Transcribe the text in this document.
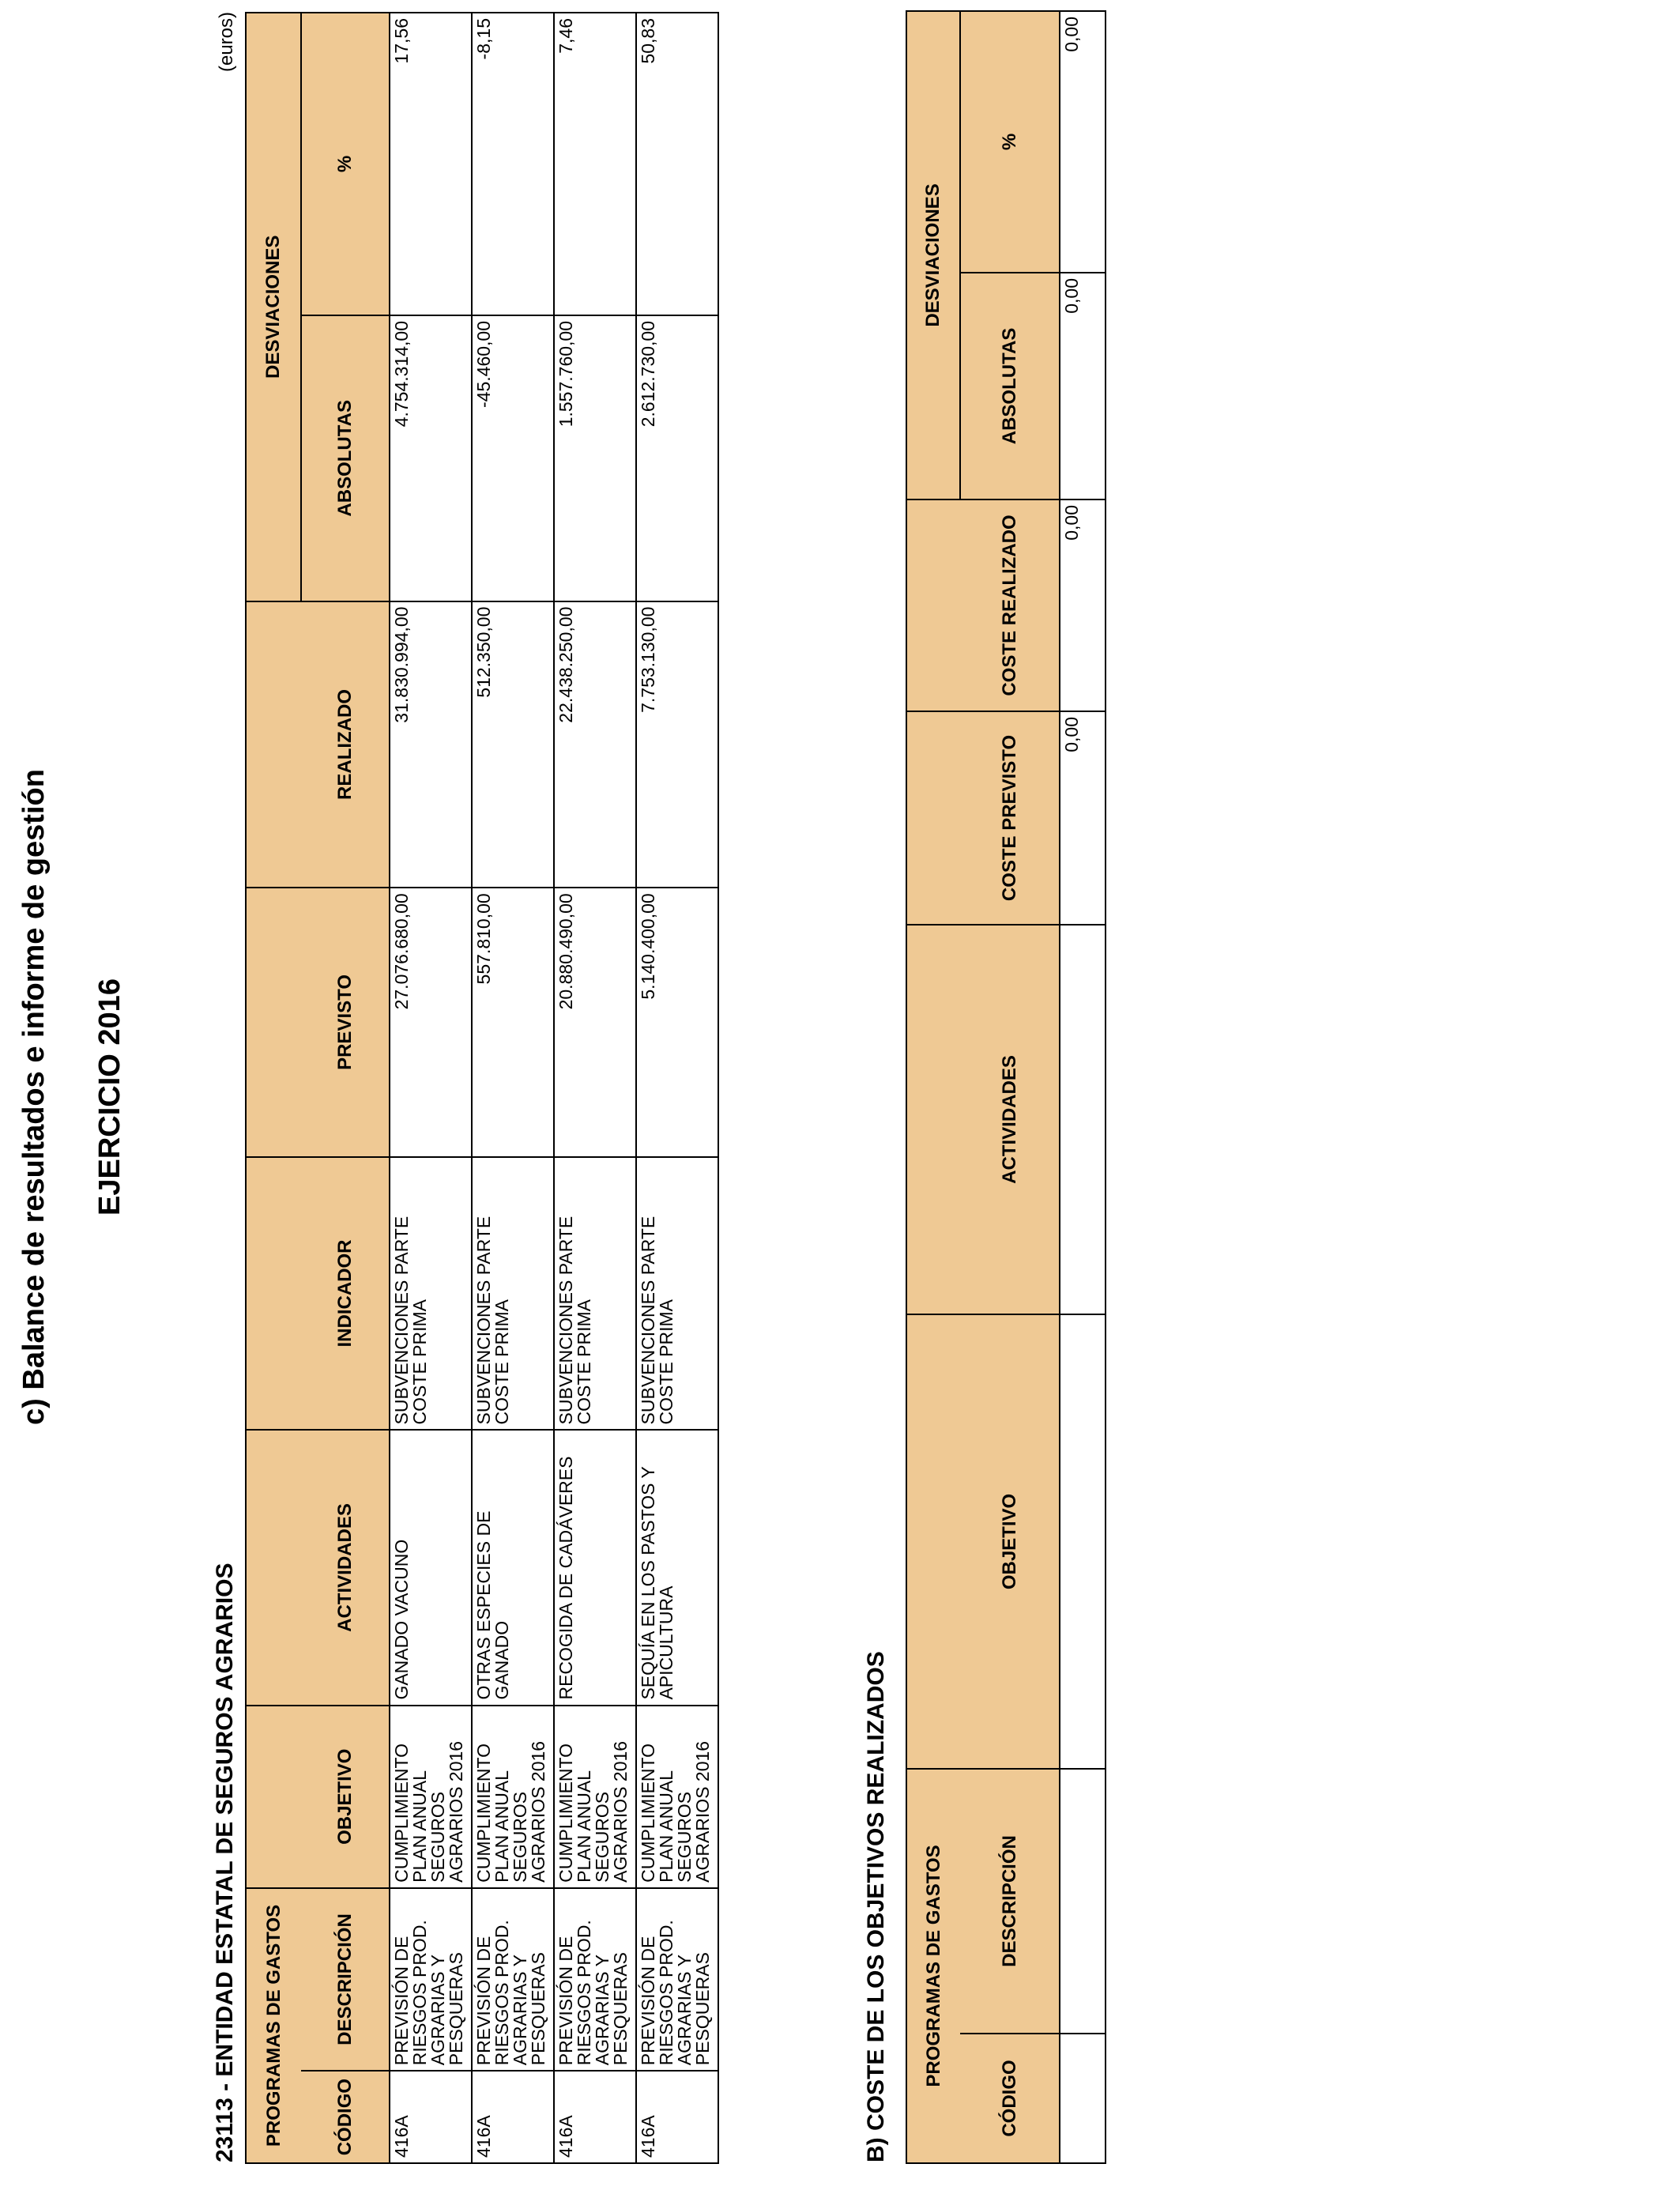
c) Balance de resultados e informe de gestión EJERCICIO 2016
23113 - ENTIDAD ESTATAL DE SEGUROS AGRARIOS
(euros)
PROGRAMAS DE GASTOS							DESVIACIONES	
CÓDIGO	DESCRIPCIÓN	OBJETIVO	ACTIVIDADES	INDICADOR	PREVISTO	REALIZADO	ABSOLUTAS	%
416A	PREVISIÓN DE RIESGOS PROD. AGRARIAS Y PESQUERAS	CUMPLIMIENTO PLAN ANUAL SEGUROS AGRARIOS 2016	GANADO VACUNO	SUBVENCIONES PARTE COSTE PRIMA	27.076.680,00	31.830.994,00	4.754.314,00	17,56
416A	PREVISIÓN DE RIESGOS PROD. AGRARIAS Y PESQUERAS	CUMPLIMIENTO PLAN ANUAL SEGUROS AGRARIOS 2016	OTRAS ESPECIES DE GANADO	SUBVENCIONES PARTE COSTE PRIMA	557.810,00	512.350,00	-45.460,00	-8,15
416A	PREVISIÓN DE RIESGOS PROD. AGRARIAS Y PESQUERAS	CUMPLIMIENTO PLAN ANUAL SEGUROS AGRARIOS 2016	RECOGIDA DE CADÁVERES	SUBVENCIONES PARTE COSTE PRIMA	20.880.490,00	22.438.250,00	1.557.760,00	7,46
416A	PREVISIÓN DE RIESGOS PROD. AGRARIAS Y PESQUERAS	CUMPLIMIENTO PLAN ANUAL SEGUROS AGRARIOS 2016	SEQUÍA EN LOS PASTOS Y APICULTURA	SUBVENCIONES PARTE COSTE PRIMA	5.140.400,00	7.753.130,00	2.612.730,00	50,83
B) COSTE DE LOS OBJETIVOS REALIZADOS PROGRAMAS DE GASTOS						DESVIACIONES	
CÓDIGO	DESCRIPCIÓN	OBJETIVO	ACTIVIDADES	COSTE PREVISTO	COSTE REALIZADO	ABSOLUTAS	%
				0,00	0,00	0,00	0,00
